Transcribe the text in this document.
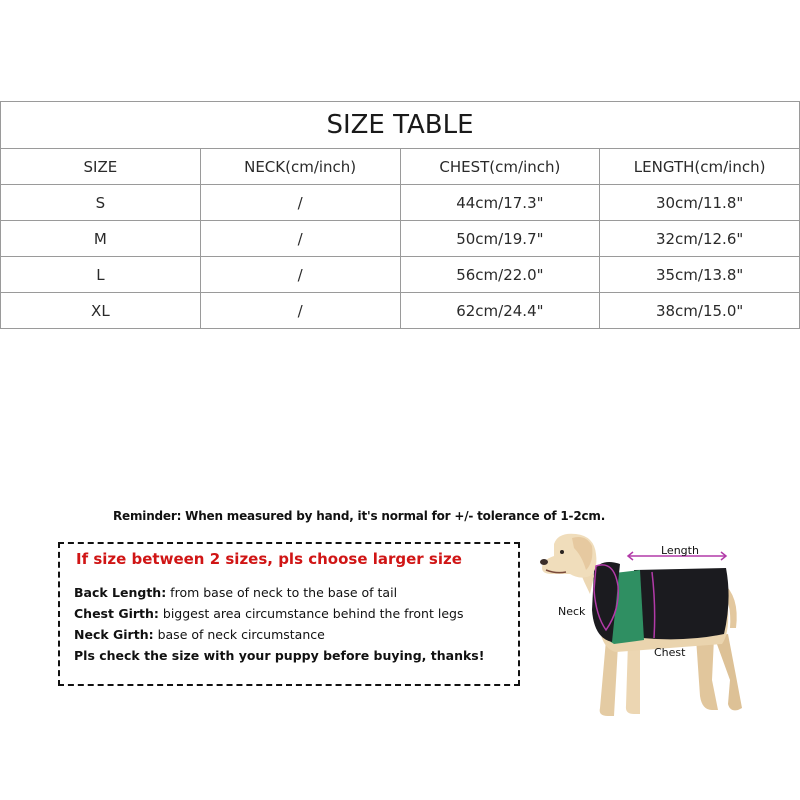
SIZE TABLE			
SIZE	NECK(cm/inch)	CHEST(cm/inch)	LENGTH(cm/inch)
S	/	44cm/17.3"	30cm/11.8"
M	/	50cm/19.7"	32cm/12.6"
L	/	56cm/22.0"	35cm/13.8"
XL	/	62cm/24.4"	38cm/15.0"
Reminder: When measured by hand, it's normal for +/- tolerance of 1-2cm.
If size between 2 sizes, pls choose larger size
Back Length: from base of neck to the base of tail
Chest Girth: biggest area circumstance behind the front legs
Neck Girth: base of neck circumstance
Pls check the size with your puppy before buying, thanks!
Length
Neck
Chest
